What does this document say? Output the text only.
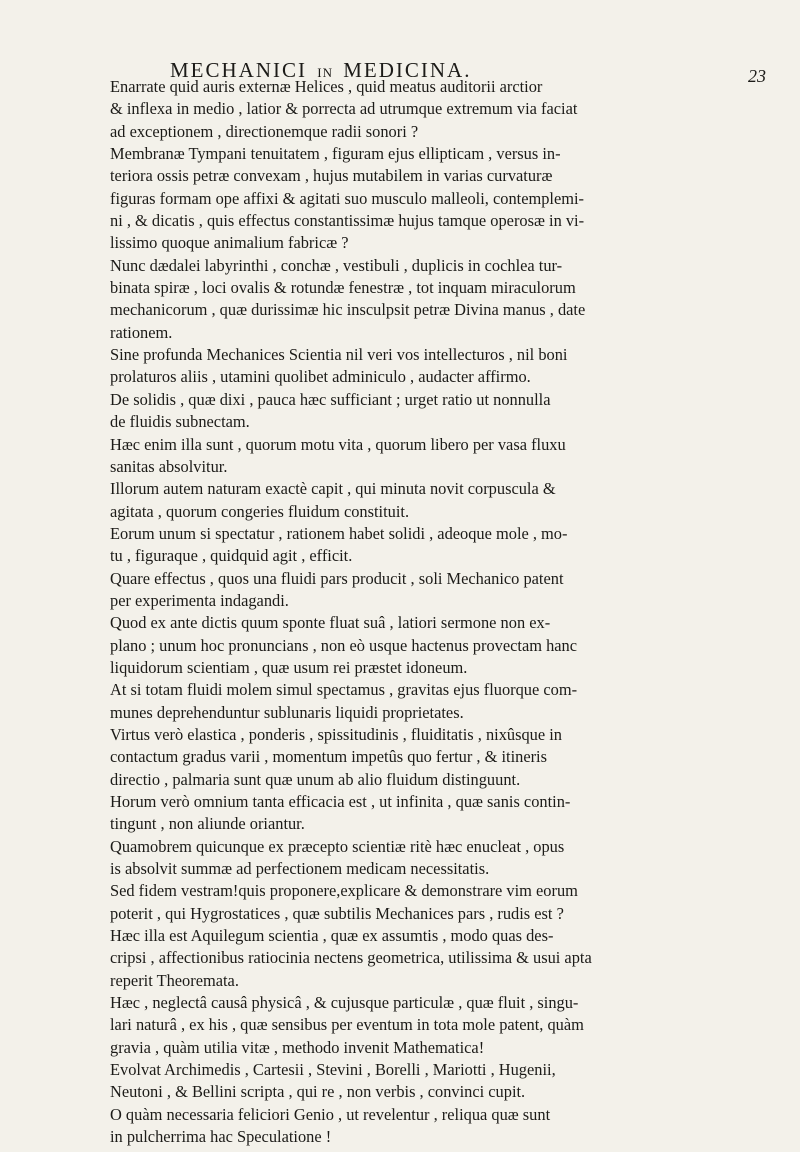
MECHANICI IN MEDICINA.	23
Enarrate quid auris externæ Helices , quid meatus auditorii arctior
& inflexa in medio , latior & porrecta ad utrumque extremum via faciat
ad exceptionem , directionemque radii sonori ?
Membranæ Tympani tenuitatem , figuram ejus ellipticam , versus in-
teriora ossis petræ convexam , hujus mutabilem in varias curvaturæ
figuras formam ope affixi & agitati suo musculo malleoli, contemplemi-
ni , & dicatis , quis effectus constantissimæ hujus tamque operosæ in vi-
lissimo quoque animalium fabricæ ?
Nunc dædalei labyrinthi , conchæ , vestibuli , duplicis in cochlea tur-
binata spiræ , loci ovalis & rotundæ fenestræ , tot inquam miraculorum
mechanicorum , quæ durissimæ hic insculpsit petræ Divina manus , date
rationem.
Sine profunda Mechanices Scientia nil veri vos intellecturos , nil boni
prolaturos aliis , utamini quolibet adminiculo , audacter affirmo.
De solidis , quæ dixi , pauca hæc sufficiant ; urget ratio ut nonnulla
de fluidis subnectam.
Hæc enim illa sunt , quorum motu vita , quorum libero per vasa fluxu
sanitas absolvitur.
Illorum autem naturam exactè capit , qui minuta novit corpuscula &
agitata , quorum congeries fluidum constituit.
Eorum unum si spectatur , rationem habet solidi , adeoque mole , mo-
tu , figuraque , quidquid agit , efficit.
Quare effectus , quos una fluidi pars producit , soli Mechanico patent
per experimenta indagandi.
Quod ex ante dictis quum sponte fluat suâ , latiori sermone non ex-
plano ; unum hoc pronuncians , non eò usque hactenus provectam hanc
liquidorum scientiam , quæ usum rei præstet idoneum.
At si totam fluidi molem simul spectamus , gravitas ejus fluorque com-
munes deprehenduntur sublunaris liquidi proprietates.
Virtus verò elastica , ponderis , spissitudinis , fluiditatis , nixûsque in
contactum gradus varii , momentum impetûs quo fertur , & itineris
directio , palmaria sunt quæ unum ab alio fluidum distinguunt.
Horum verò omnium tanta efficacia est , ut infinita , quæ sanis contin-
tingunt , non aliunde oriantur.
Quamobrem quicunque ex præcepto scientiæ ritè hæc enucleat , opus
is absolvit summæ ad perfectionem medicam necessitatis.
Sed fidem vestram!quis proponere,explicare & demonstrare vim eorum
poterit , qui Hygrostatices , quæ subtilis Mechanices pars , rudis est ?
Hæc illa est Aquilegum scientia , quæ ex assumtis , modo quas des-
cripsi , affectionibus ratiocinia nectens geometrica, utilissima & usui apta
reperit Theoremata.
Hæc , neglectâ causâ physicâ , & cujusque particulæ , quæ fluit , singu-
lari naturâ , ex his , quæ sensibus per eventum in tota mole patent, quàm
gravia , quàm utilia vitæ , methodo invenit Mathematica!
Evolvat Archimedis , Cartesii , Stevini , Borelli , Mariotti , Hugenii,
Neutoni , & Bellini scripta , qui re , non verbis , convinci cupit.
O quàm necessaria feliciori Genio , ut revelentur , reliqua quæ sunt
in pulcherrima hac Speculatione !
